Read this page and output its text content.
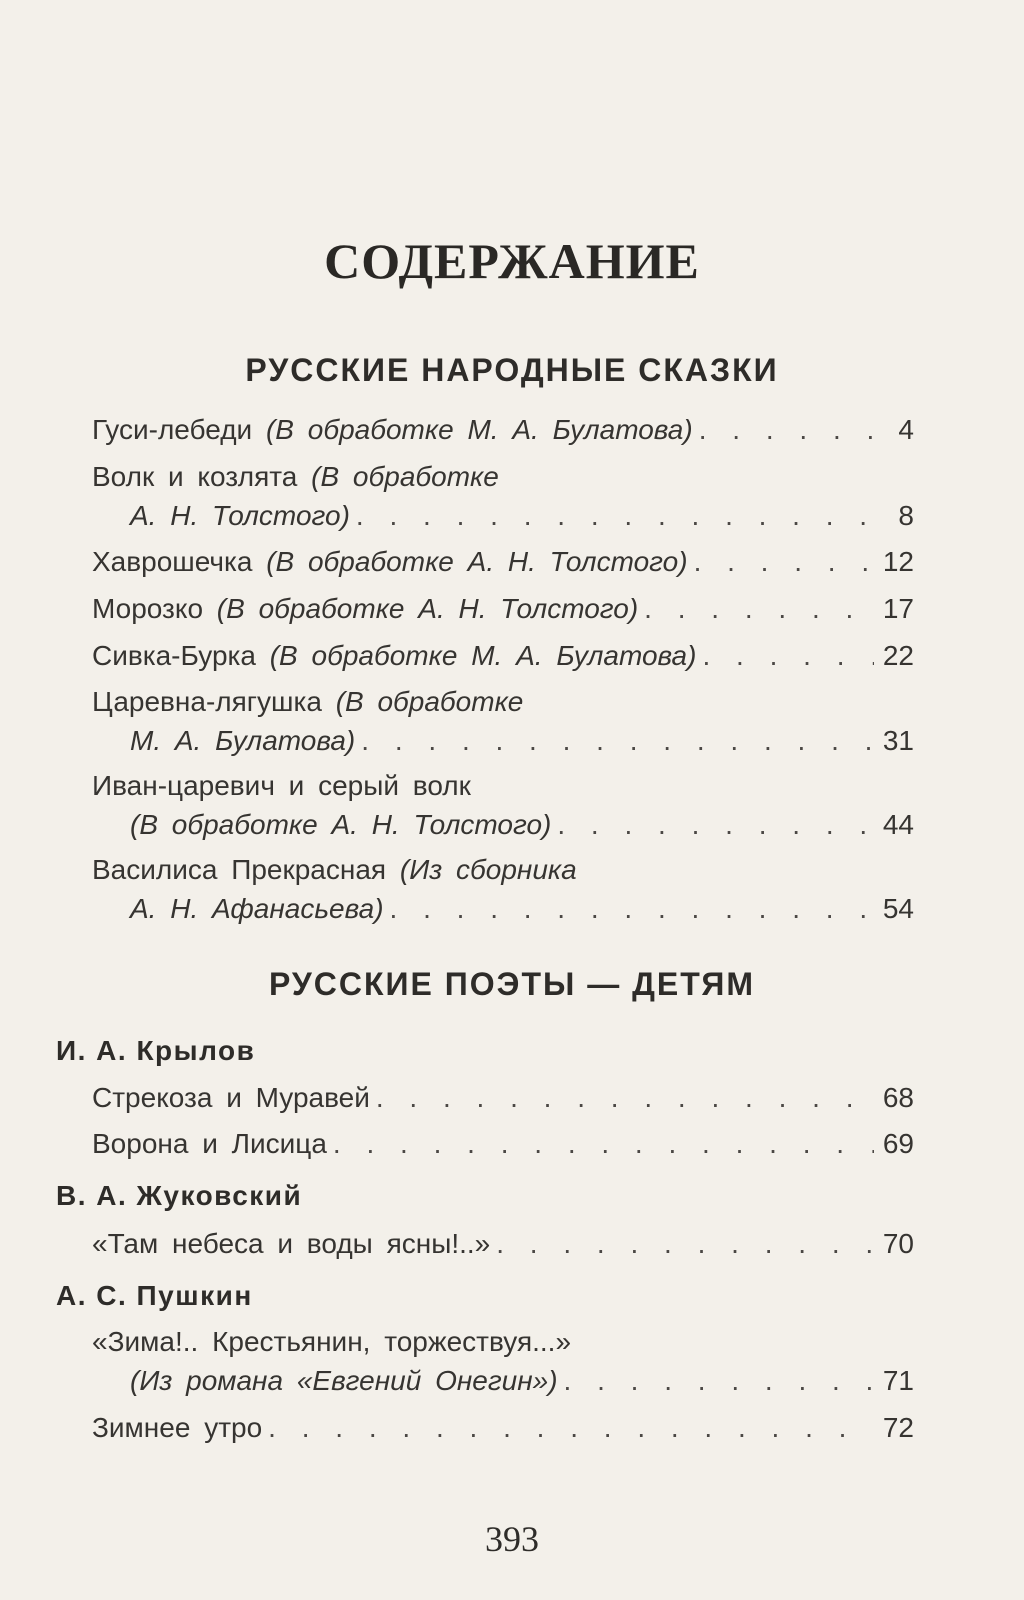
СОДЕРЖАНИЕ
РУССКИЕ НАРОДНЫЕ СКАЗКИ
Гуси-лебеди (В обработке М. А. Булатова) . . .	4
Волк и козлята (В обработке
А. Н. Толстого) . . .	8
Хаврошечка (В обработке А. Н. Толстого) . . .	12
Морозко (В обработке А. Н. Толстого) . . .	17
Сивка-Бурка (В обработке М. А. Булатова) . . .	22
Царевна-лягушка (В обработке
М. А. Булатова) . . .	31
Иван-царевич и серый волк
(В обработке А. Н. Толстого) . . .	44
Василиса Прекрасная (Из сборника
А. Н. Афанасьева) . . .	54
РУССКИЕ ПОЭТЫ — ДЕТЯМ
И. А. Крылов
Стрекоза и Муравей . . .	68
Ворона и Лисица . . .	69
В. А. Жуковский
«Там небеса и воды ясны!..» . . .	70
А. С. Пушкин
«Зима!.. Крестьянин, торжествуя...»
(Из романа «Евгений Онегин») . . .	71
Зимнее утро . . .	72
393
